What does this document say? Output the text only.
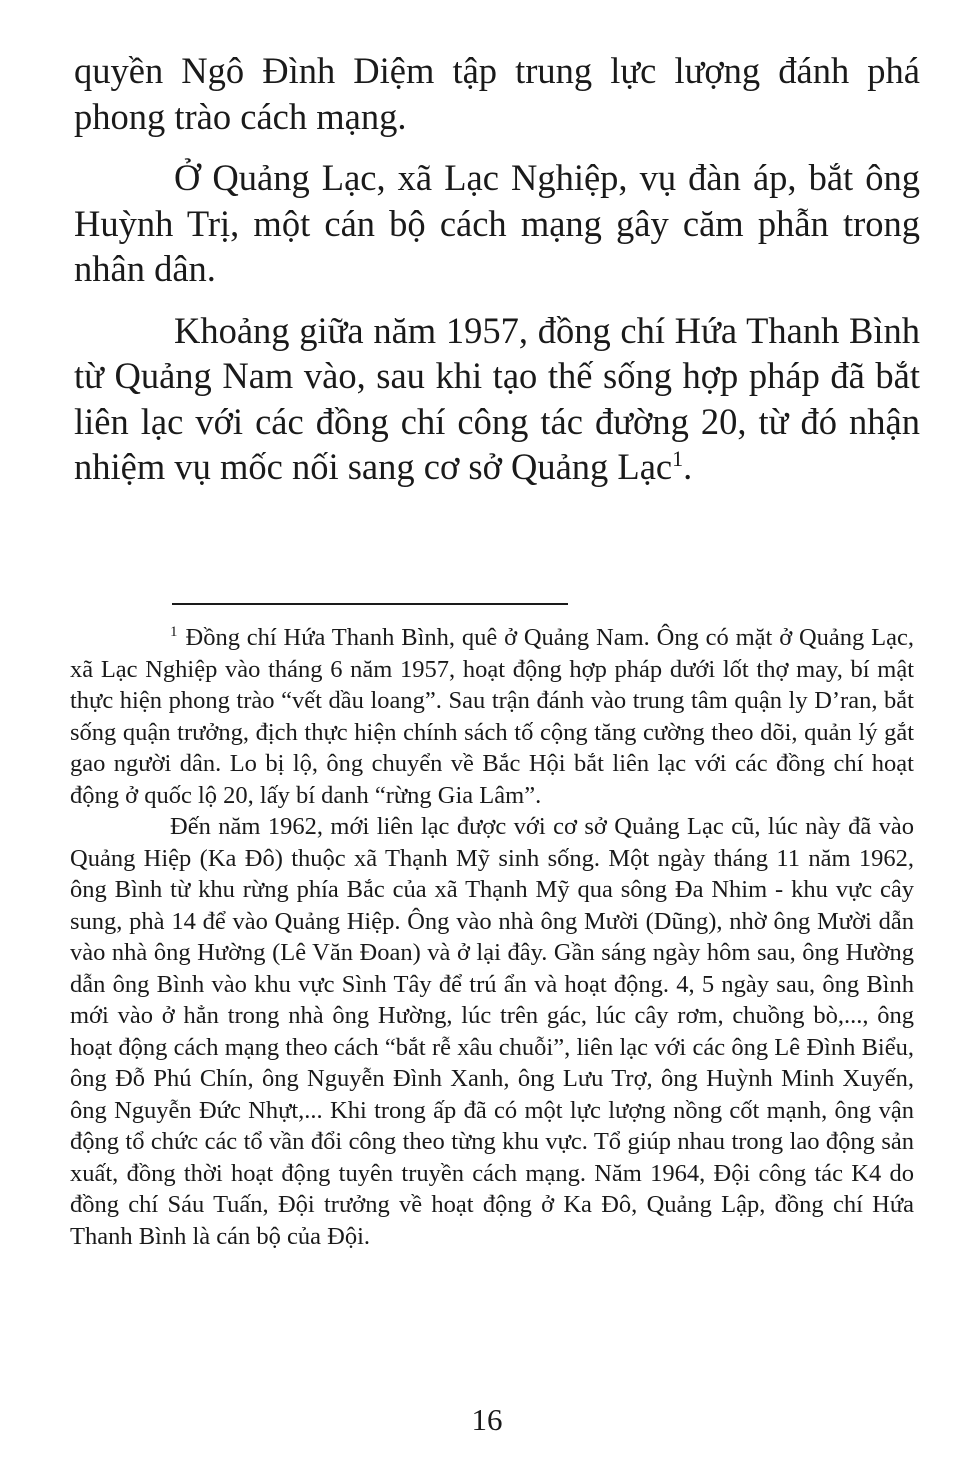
quyền Ngô Đình Diệm tập trung lực lượng đánh phá phong trào cách mạng.

Ở Quảng Lạc, xã Lạc Nghiệp, vụ đàn áp, bắt ông Huỳnh Trị, một cán bộ cách mạng gây căm phẫn trong nhân dân.

Khoảng giữa năm 1957, đồng chí Hứa Thanh Bình từ Quảng Nam vào, sau khi tạo thế sống hợp pháp đã bắt liên lạc với các đồng chí công tác đường 20, từ đó nhận nhiệm vụ mốc nối sang cơ sở Quảng Lạc$^1$.

$^1$ Đồng chí Hứa Thanh Bình, quê ở Quảng Nam. Ông có mặt ở Quảng Lạc, xã Lạc Nghiệp vào tháng 6 năm 1957, hoạt động hợp pháp dưới lốt thợ may, bí mật thực hiện phong trào “vết dầu loang”. Sau trận đánh vào trung tâm quận ly D’ran, bắt sống quận trưởng, địch thực hiện chính sách tố cộng tăng cường theo dõi, quản lý gắt gao người dân. Lo bị lộ, ông chuyển về Bắc Hội bắt liên lạc với các đồng chí hoạt động ở quốc lộ 20, lấy bí danh “rừng Gia Lâm”.

Đến năm 1962, mới liên lạc được với cơ sở Quảng Lạc cũ, lúc này đã vào Quảng Hiệp (Ka Đô) thuộc xã Thạnh Mỹ sinh sống. Một ngày tháng 11 năm 1962, ông Bình từ khu rừng phía Bắc của xã Thạnh Mỹ qua sông Đa Nhim - khu vực cây sung, phà 14 để vào Quảng Hiệp. Ông vào nhà ông Mười (Dũng), nhờ ông Mười dẫn vào nhà ông Hường (Lê Văn Đoan) và ở lại đây. Gần sáng ngày hôm sau, ông Hường dẫn ông Bình vào khu vực Sình Tây để trú ẩn và hoạt động. 4, 5 ngày sau, ông Bình mới vào ở hẳn trong nhà ông Hường, lúc trên gác, lúc cây rơm, chuồng bò,..., ông hoạt động cách mạng theo cách “bắt rễ xâu chuỗi”, liên lạc với các ông Lê Đình Biểu, ông Đỗ Phú Chín, ông Nguyễn Đình Xanh, ông Lưu Trợ, ông Huỳnh Minh Xuyến, ông Nguyễn Đức Nhựt,... Khi trong ấp đã có một lực lượng nồng cốt mạnh, ông vận động tổ chức các tổ vần đổi công theo từng khu vực. Tổ giúp nhau trong lao động sản xuất, đồng thời hoạt động tuyên truyền cách mạng. Năm 1964, Đội công tác K4 do đồng chí Sáu Tuấn, Đội trưởng về hoạt động ở Ka Đô, Quảng Lập, đồng chí Hứa Thanh Bình là cán bộ của Đội.

16
